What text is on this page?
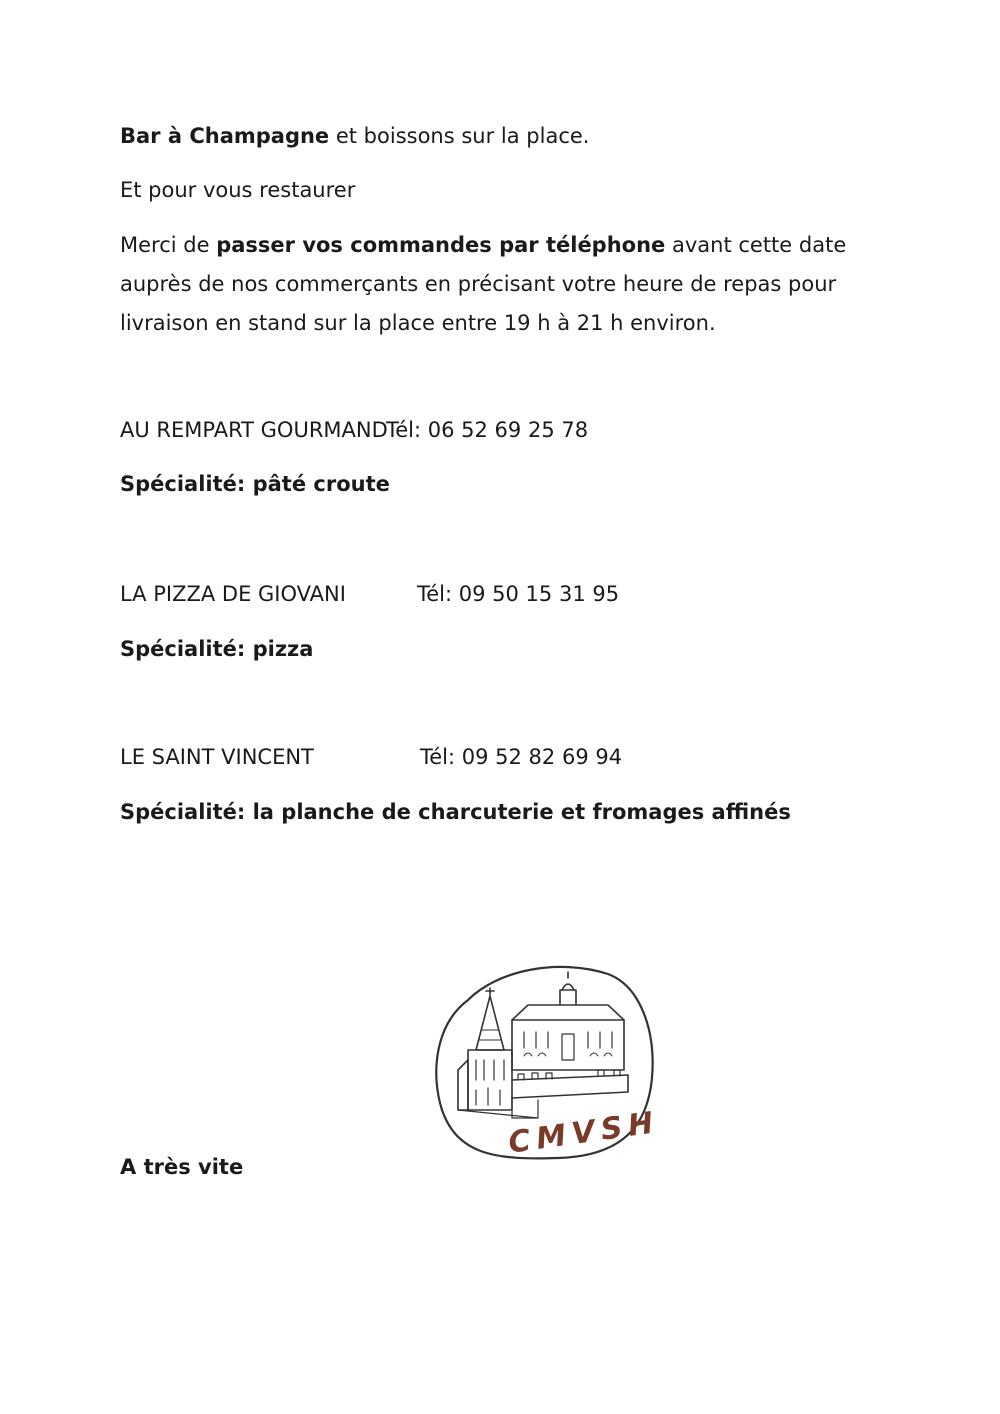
Bar à Champagne et boissons sur la place.
Et pour vous restaurer
Merci de passer vos commandes par téléphone avant cette date
auprès de nos commerçants en précisant votre heure de repas pour
livraison en stand sur la place entre 19 h à 21 h environ.
AU REMPART GOURMAND
Tél: 06 52 69 25 78
Spécialité: pâté croute
LA PIZZA DE GIOVANI	Tél: 09 50 15 31 95
Spécialité: pizza
LE SAINT VINCENT	Tél: 09 52 82 69 94
Spécialité: la planche de charcuterie et fromages affinés
CMVSH
A très vite
